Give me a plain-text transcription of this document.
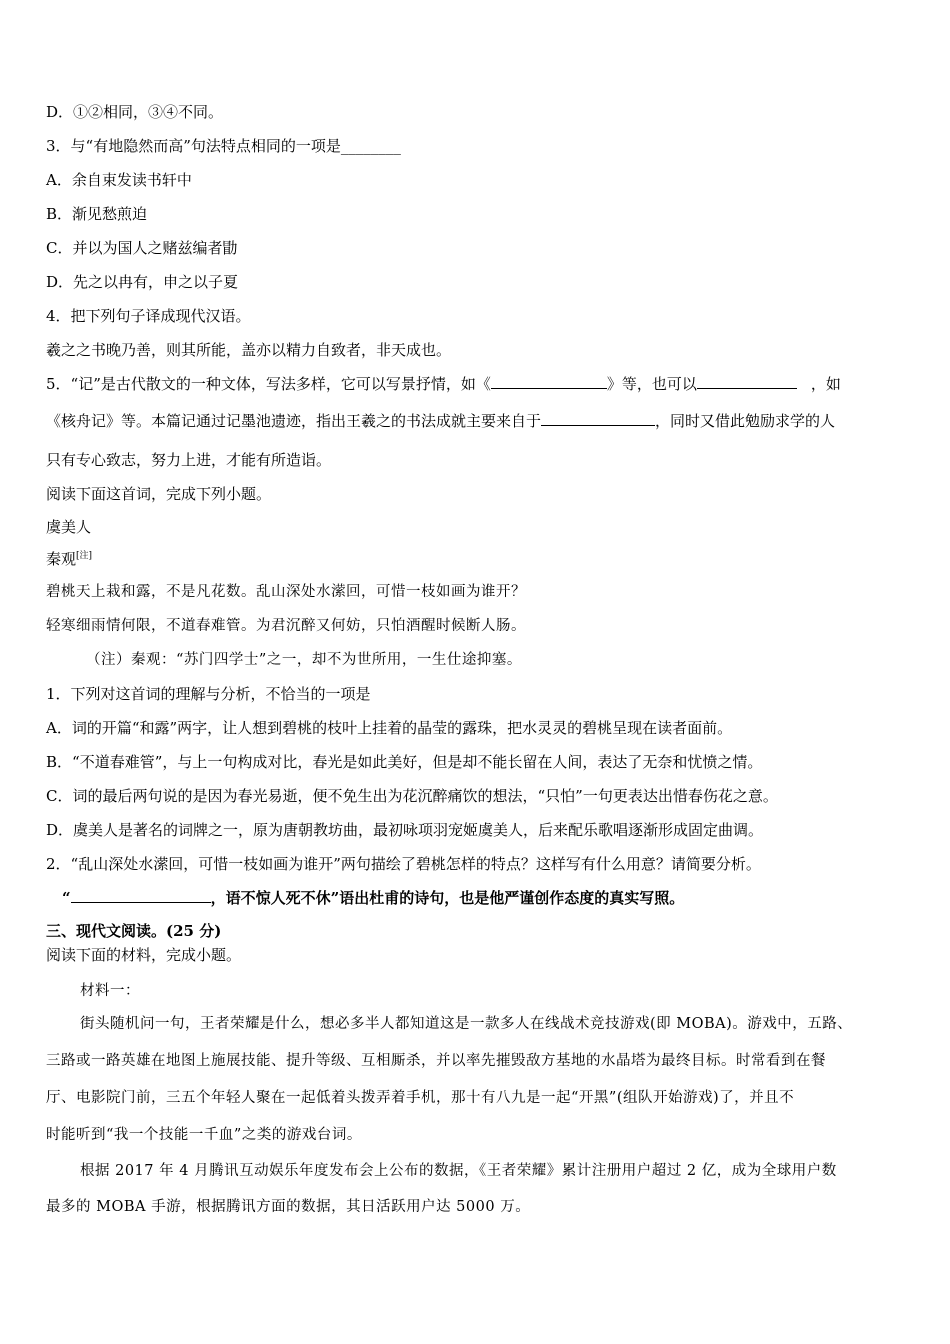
D．①②相同，③④不同。
3．与“有地隐然而高”句法特点相同的一项是________
A．余自束发读书轩中
B．渐见愁煎迫
C．并以为国人之赌兹编者勖
D．先之以冉有，申之以子夏
4．把下列句子译成现代汉语。
羲之之书晚乃善，则其所能，盖亦以精力自致者，非天成也。
5．“记”是古代散文的一种文体，写法多样，它可以写景抒情，如《	》等，也可以	，如
《核舟记》等。本篇记通过记墨池遗迹，指出王羲之的书法成就主要来自于	，同时又借此勉励求学的人
只有专心致志，努力上进，才能有所造诣。
阅读下面这首词，完成下列小题。
虞美人
秦观[注]
碧桃天上栽和露，不是凡花数。乱山深处水潆回，可惜一枝如画为谁开？
轻寒细雨情何限，不道春难管。为君沉醉又何妨，只怕酒醒时候断人肠。
（注）秦观：“苏门四学士”之一，却不为世所用，一生仕途抑塞。
1．下列对这首词的理解与分析，不恰当的一项是
A．词的开篇“和露”两字，让人想到碧桃的枝叶上挂着的晶莹的露珠，把水灵灵的碧桃呈现在读者面前。
B．“不道春难管”，与上一句构成对比，春光是如此美好，但是却不能长留在人间，表达了无奈和忧愤之情。
C．词的最后两句说的是因为春光易逝，便不免生出为花沉醉痛饮的想法，“只怕”一句更表达出惜春伤花之意。
D．虞美人是著名的词牌之一，原为唐朝教坊曲，最初咏项羽宠姬虞美人，后来配乐歌唱逐渐形成固定曲调。
2．“乱山深处水潆回，可惜一枝如画为谁开”两句描绘了碧桃怎样的特点？这样写有什么用意？请简要分析。
“	，语不惊人死不休”语出杜甫的诗句，也是他严谨创作态度的真实写照。
三、现代文阅读。(25 分)
阅读下面的材料，完成小题。
材料一：
街头随机问一句，王者荣耀是什么，想必多半人都知道这是一款多人在线战术竞技游戏(即 MOBA)。游戏中，五路、
三路或一路英雄在地图上施展技能、提升等级、互相厮杀，并以率先摧毁敌方基地的水晶塔为最终目标。时常看到在餐
厅、电影院门前，三五个年轻人聚在一起低着头拨弄着手机，那十有八九是一起“开黑”(组队开始游戏)了，并且不
时能听到“我一个技能一千血”之类的游戏台词。
根据 2017 年 4 月腾讯互动娱乐年度发布会上公布的数据，《王者荣耀》累计注册用户超过 2 亿，成为全球用户数
最多的 MOBA 手游，根据腾讯方面的数据，其日活跃用户达 5000 万。
